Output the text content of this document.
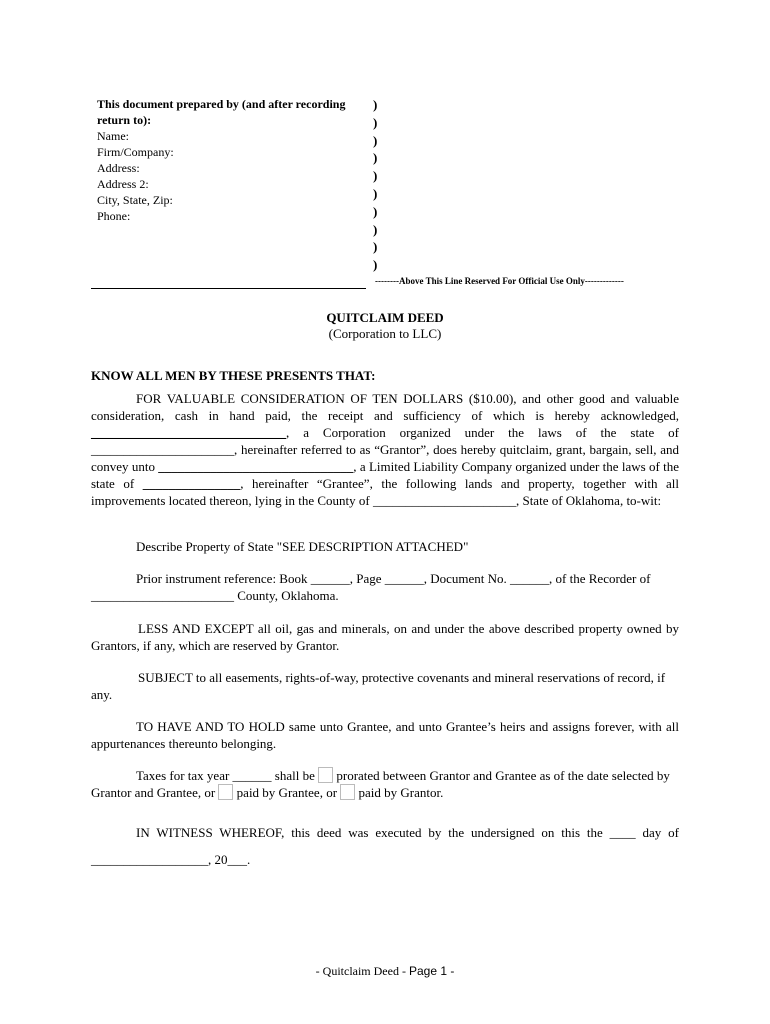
This document prepared by (and after recording
return to):
Name:
Firm/Company:
Address:
Address 2:
City, State, Zip:
Phone:
)
)
)
)
)
)
)
)
)
)
--------Above This Line Reserved For Official Use Only-------------
QUITCLAIM DEED
(Corporation to LLC)
KNOW ALL MEN BY THESE PRESENTS THAT:
FOR VALUABLE CONSIDERATION OF TEN DOLLARS ($10.00), and other good and valuable consideration, cash in hand paid, the receipt and sufficiency of which is hereby acknowledged, ______________________________, a Corporation organized under the laws of the state of ______________________, hereinafter referred to as “Grantor”, does hereby quitclaim, grant, bargain, sell, and convey unto ______________________________, a Limited Liability Company organized under the laws of the state of _______________, hereinafter “Grantee”, the following lands and property, together with all improvements located thereon, lying in the County of ______________________, State of Oklahoma, to-wit:
Describe Property of State "SEE DESCRIPTION ATTACHED"
Prior instrument reference: Book ______, Page ______, Document No. ______, of the Recorder of
______________________ County, Oklahoma.
LESS AND EXCEPT all oil, gas and minerals, on and under the above described property owned by Grantors, if any, which are reserved by Grantor.
SUBJECT to all easements, rights-of-way, protective covenants and mineral reservations of record, if any.
TO HAVE AND TO HOLD same unto Grantee, and unto Grantee’s heirs and assigns forever, with all appurtenances thereunto belonging.
Taxes for tax year ______ shall be  prorated between Grantor and Grantee as of the date selected by Grantor and Grantee, or  paid by Grantee, or  paid by Grantor.
IN WITNESS WHEREOF, this deed was executed by the undersigned on this the ____ day of
__________________, 20___.
- Quitclaim Deed - Page 1 -
